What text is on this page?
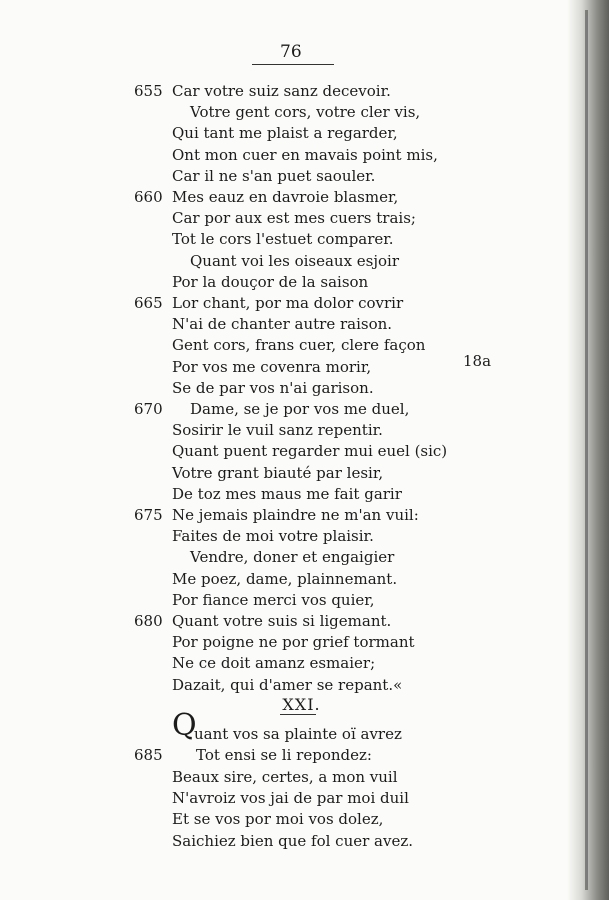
76
655 Car votre suiz sanz decevoir.
Votre gent cors, votre cler vis,
Qui tant me plaist a regarder,
Ont mon cuer en mavais point mis,
Car il ne s'an puet saouler.
660 Mes eauz en davroie blasmer,
Car por aux est mes cuers trais;
Tot le cors l'estuet comparer.
Quant voi les oiseaux esjoir
Por la douçor de la saison
665 Lor chant, por ma dolor covrir
N'ai de chanter autre raison.
Gent cors, frans cuer, clere façon
Por vos me covenra morir,
Se de par vos n'ai garison.
670	Dame, se je por vos me duel,
Sosirir le vuil sanz repentir.
Quant puent regarder mui euel (sic)
Votre grant biauté par lesir,
De toz mes maus me fait garir
675 Ne jemais plaindre ne m'an vuil:
Faites de moi votre plaisir.
Vendre, doner et engaigier
Me poez, dame, plainnemant.
Por fiance merci vos quier,
680 Quant votre suis si ligemant.
Por poigne ne por grief tormant
Ne ce doit amanz esmaier;
Dazait, qui d'amer se repant.«
18a
XXI.
Q
uant vos sa plainte oï avrez
685	Tot ensi se li repondez:
Beaux sire, certes, a mon vuil
N'avroiz vos jai de par moi duil
Et se vos por moi vos dolez,
Saichiez bien que fol cuer avez.
